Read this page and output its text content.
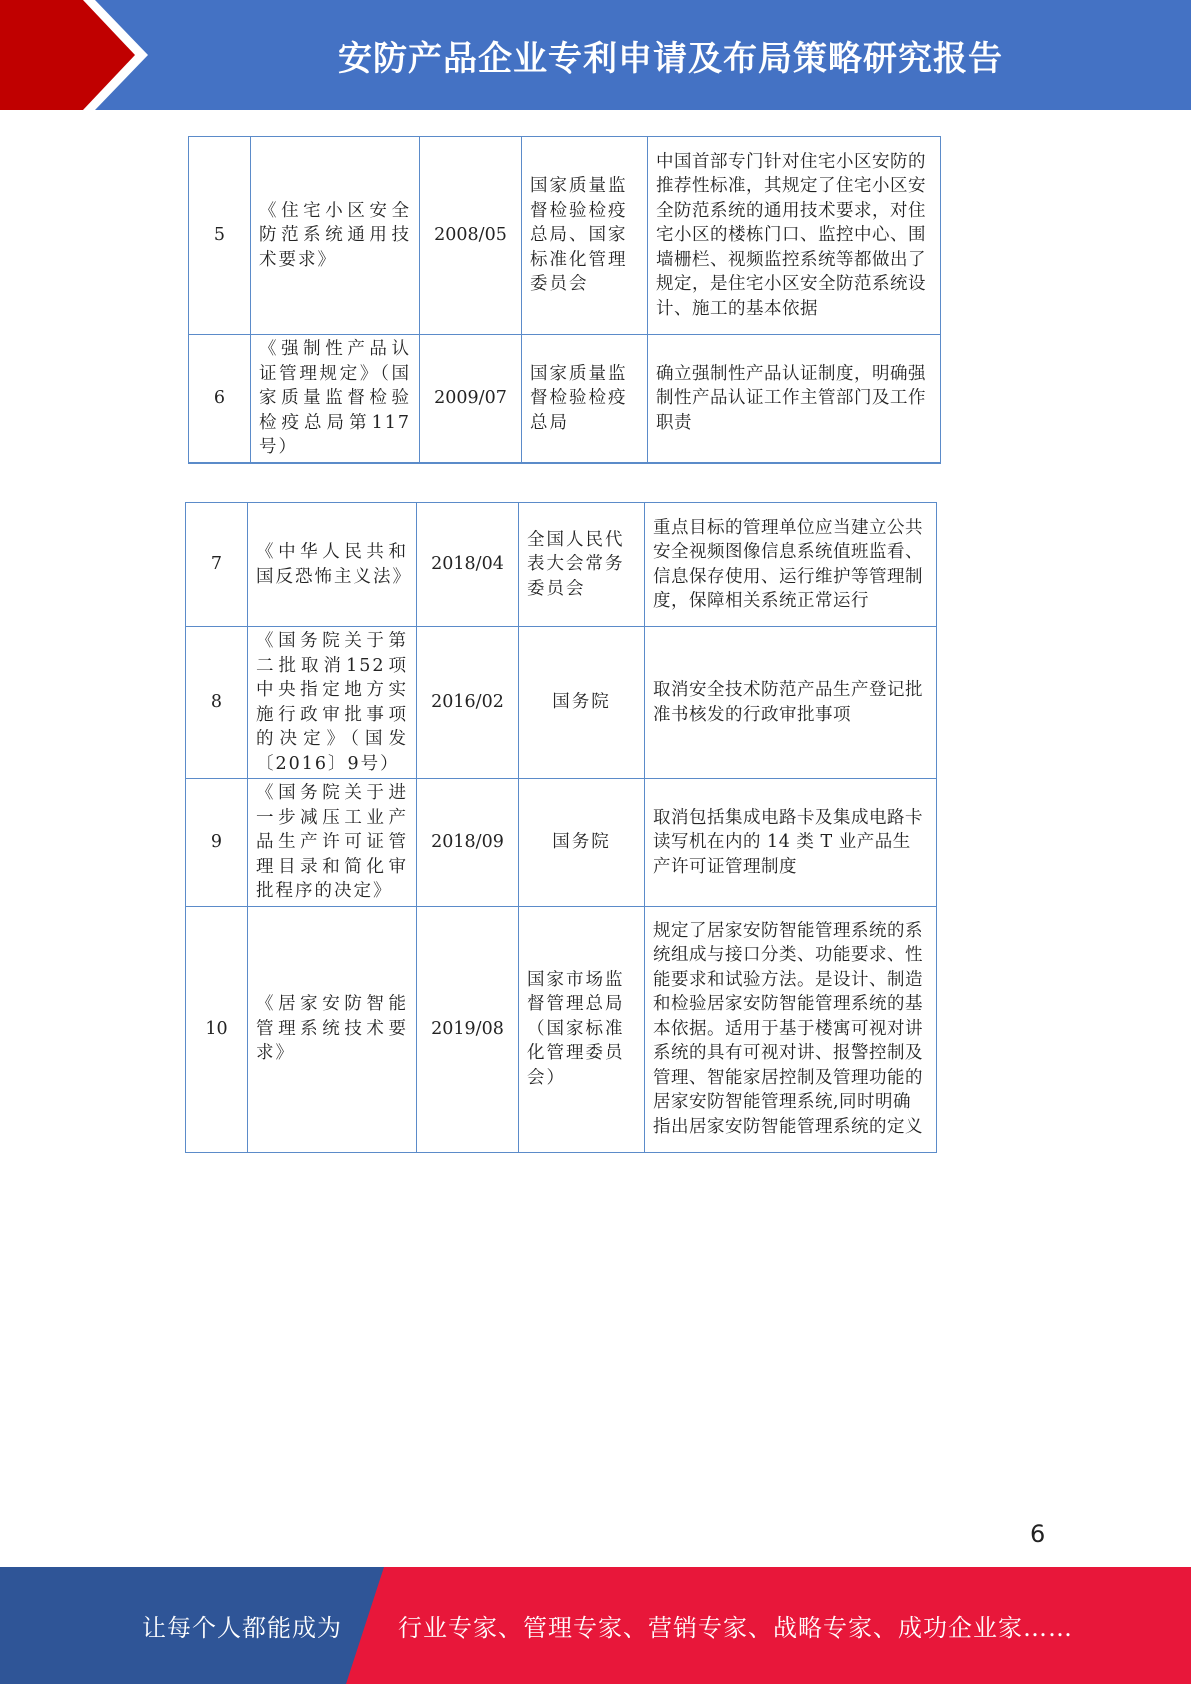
安防产品企业专利申请及布局策略研究报告
5	《住宅小区安全防范系统通用技术要求》	2008/05	国家质量监督检验检疫总局、国家标准化管理委员会	中国首部专门针对住宅小区安防的推荐性标准，其规定了住宅小区安全防范系统的通用技术要求，对住宅小区的楼栋门口、监控中心、围墙栅栏、视频监控系统等都做出了规定，是住宅小区安全防范系统设计、施工的基本依据
6	《强制性产品认证管理规定》（国家质量监督检验检疫总局第117号）	2009/07	国家质量监督检验检疫总局	确立强制性产品认证制度，明确强制性产品认证工作主管部门及工作职责
7	《中华人民共和国反恐怖主义法》	2018/04	全国人民代表大会常务委员会	重点目标的管理单位应当建立公共安全视频图像信息系统值班监看、信息保存使用、运行维护等管理制度，保障相关系统正常运行
8	《国务院关于第二批取消152项中央指定地方实施行政审批事项的决定》（国发〔2016〕9号）	2016/02	国务院	取消安全技术防范产品生产登记批准书核发的行政审批事项
9	《国务院关于进一步减压工业产品生产许可证管理目录和简化审批程序的决定》	2018/09	国务院	取消包括集成电路卡及集成电路卡读写机在内的 14 类 T 业产品生产许可证管理制度
10	《居家安防智能管理系统技术要求》	2019/08	国家市场监督管理总局（国家标准化管理委员会）	规定了居家安防智能管理系统的系统组成与接口分类、功能要求、性能要求和试验方法。是设计、制造和检验居家安防智能管理系统的基本依据。适用于基于楼寓可视对讲系统的具有可视对讲、报警控制及管理、智能家居控制及管理功能的居家安防智能管理系统,同时明确指出居家安防智能管理系统的定义
6
让每个人都能成为 行业专家、管理专家、营销专家、战略专家、成功企业家……
